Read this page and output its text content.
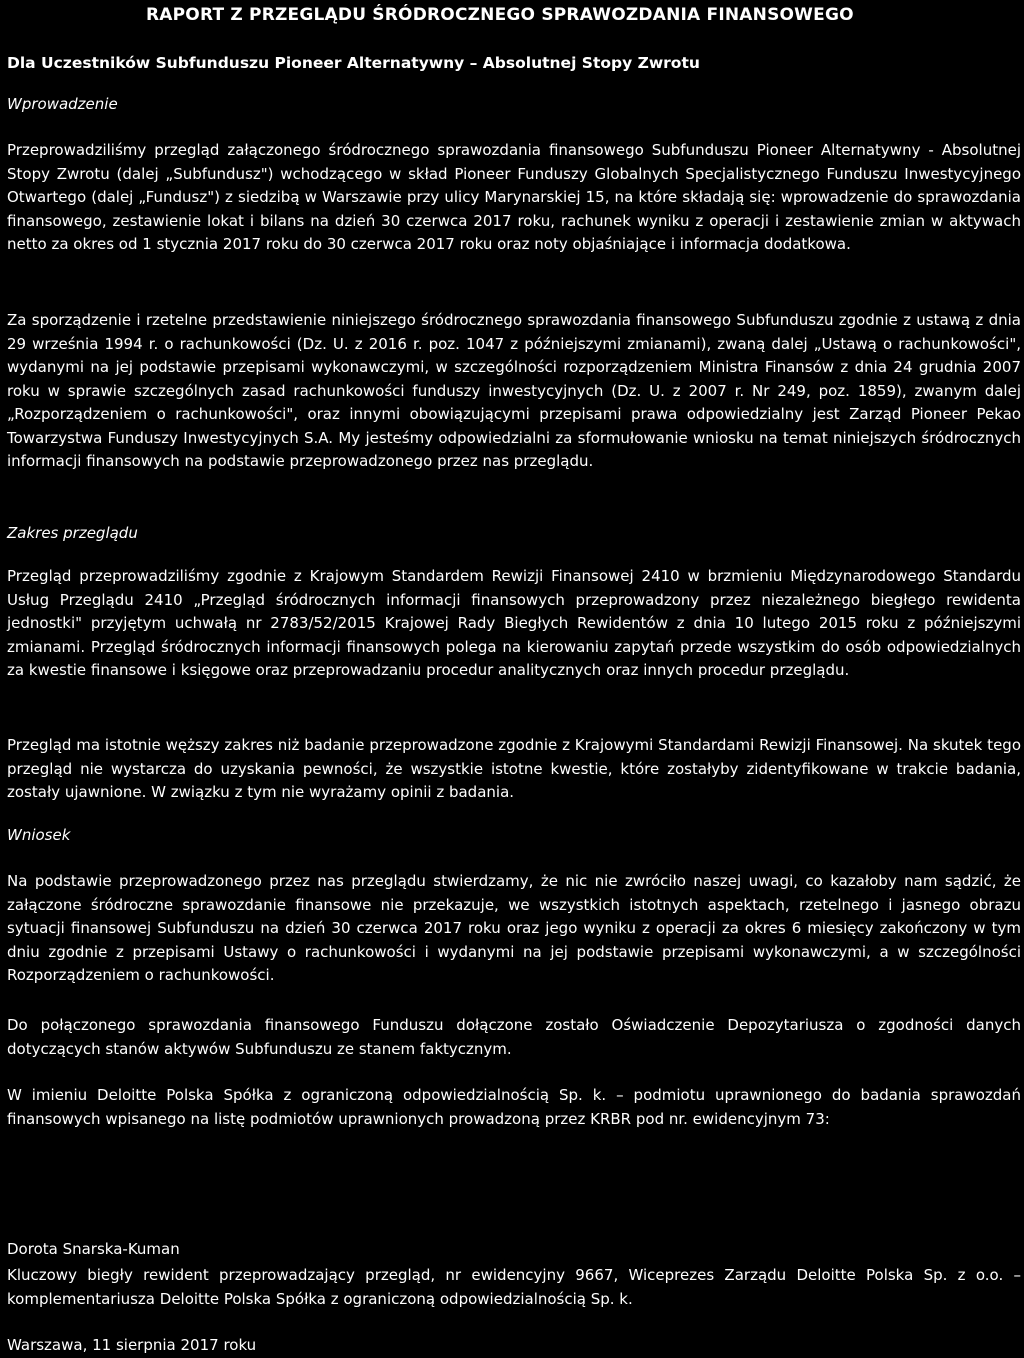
RAPORT Z PRZEGLĄDU ŚRÓDROCZNEGO SPRAWOZDANIA FINANSOWEGO
Dla Uczestników Subfunduszu Pioneer Alternatywny – Absolutnej Stopy Zwrotu
Wprowadzenie
Przeprowadziliśmy przegląd załączonego śródrocznego sprawozdania finansowego Subfunduszu Pioneer Alternatywny - Absolutnej Stopy Zwrotu (dalej „Subfundusz") wchodzącego w skład Pioneer Funduszy Globalnych Specjalistycznego Funduszu Inwestycyjnego Otwartego (dalej „Fundusz") z siedzibą w Warszawie przy ulicy Marynarskiej 15, na które składają się: wprowadzenie do sprawozdania finansowego, zestawienie lokat i bilans na dzień 30 czerwca 2017 roku, rachunek wyniku z operacji i zestawienie zmian w aktywach netto za okres od 1 stycznia 2017 roku do 30 czerwca 2017 roku oraz noty objaśniające i informacja dodatkowa.
Za sporządzenie i rzetelne przedstawienie niniejszego śródrocznego sprawozdania finansowego Subfunduszu zgodnie z ustawą z dnia 29 września 1994 r. o rachunkowości (Dz. U. z 2016 r. poz. 1047 z późniejszymi zmianami), zwaną dalej „Ustawą o rachunkowości", wydanymi na jej podstawie przepisami wykonawczymi, w szczególności rozporządzeniem Ministra Finansów z dnia 24 grudnia 2007 roku w sprawie szczególnych zasad rachunkowości funduszy inwestycyjnych (Dz. U. z 2007 r. Nr 249, poz. 1859), zwanym dalej „Rozporządzeniem o rachunkowości", oraz innymi obowiązującymi przepisami prawa odpowiedzialny jest Zarząd Pioneer Pekao Towarzystwa Funduszy Inwestycyjnych S.A. My jesteśmy odpowiedzialni za sformułowanie wniosku na temat niniejszych śródrocznych informacji finansowych na podstawie przeprowadzonego przez nas przeglądu.
Zakres przeglądu
Przegląd przeprowadziliśmy zgodnie z Krajowym Standardem Rewizji Finansowej 2410 w brzmieniu Międzynarodowego Standardu Usług Przeglądu 2410 „Przegląd śródrocznych informacji finansowych przeprowadzony przez niezależnego biegłego rewidenta jednostki" przyjętym uchwałą nr 2783/52/2015 Krajowej Rady Biegłych Rewidentów z dnia 10 lutego 2015 roku z późniejszymi zmianami. Przegląd śródrocznych informacji finansowych polega na kierowaniu zapytań przede wszystkim do osób odpowiedzialnych za kwestie finansowe i księgowe oraz przeprowadzaniu procedur analitycznych oraz innych procedur przeglądu.
Przegląd ma istotnie węższy zakres niż badanie przeprowadzone zgodnie z Krajowymi Standardami Rewizji Finansowej. Na skutek tego przegląd nie wystarcza do uzyskania pewności, że wszystkie istotne kwestie, które zostałyby zidentyfikowane w trakcie badania, zostały ujawnione. W związku z tym nie wyrażamy opinii z badania.
Wniosek
Na podstawie przeprowadzonego przez nas przeglądu stwierdzamy, że nic nie zwróciło naszej uwagi, co kazałoby nam sądzić, że załączone śródroczne sprawozdanie finansowe nie przekazuje, we wszystkich istotnych aspektach, rzetelnego i jasnego obrazu sytuacji finansowej Subfunduszu na dzień 30 czerwca 2017 roku oraz jego wyniku z operacji za okres 6 miesięcy zakończony w tym dniu zgodnie z przepisami Ustawy o rachunkowości i wydanymi na jej podstawie przepisami wykonawczymi, a w szczególności Rozporządzeniem o rachunkowości.
Do połączonego sprawozdania finansowego Funduszu dołączone zostało Oświadczenie Depozytariusza o zgodności danych dotyczących stanów aktywów Subfunduszu ze stanem faktycznym.
W imieniu Deloitte Polska Spółka z ograniczoną odpowiedzialnością Sp. k. – podmiotu uprawnionego do badania sprawozdań finansowych wpisanego na listę podmiotów uprawnionych prowadzoną przez KRBR pod nr. ewidencyjnym 73:
Dorota Snarska-Kuman
Kluczowy biegły rewident przeprowadzający przegląd, nr ewidencyjny 9667, Wiceprezes Zarządu Deloitte Polska Sp. z o.o. – komplementariusza Deloitte Polska Spółka z ograniczoną odpowiedzialnością Sp. k.
Warszawa, 11 sierpnia 2017 roku
